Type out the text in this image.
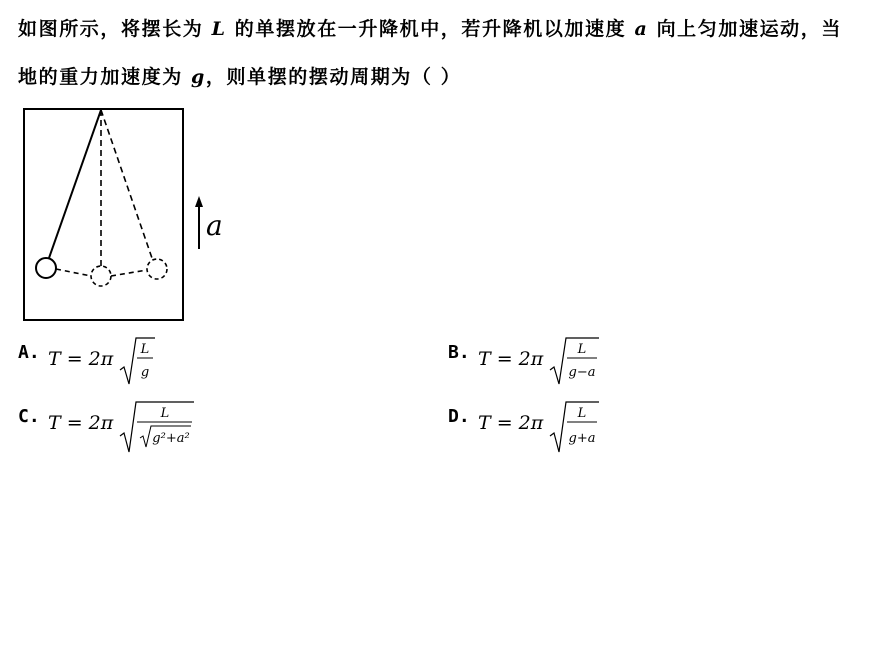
如图所示，将摆长为 L 的单摆放在一升降机中，若升降机以加速度 a 向上匀加速运动，当
地的重力加速度为 g，则单摆的摆动周期为（ ）
a
A. T = 2π L
g
B. T = 2π	L
g−a
C. T = 2π	L
g²+a²
D. T = 2π	L
g+a
